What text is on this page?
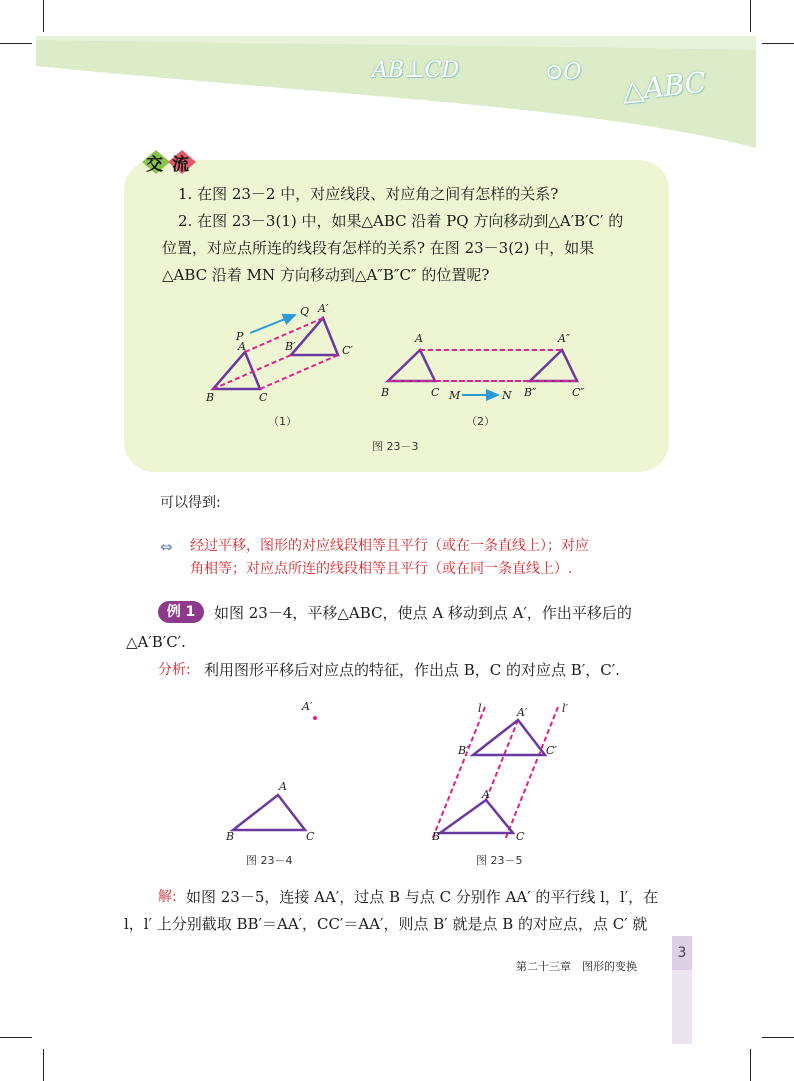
AB⊥CD	⊙O △ABC
交 流
1. 在图 23－2 中，对应线段、对应角之间有怎样的关系?
2. 在图 23－3(1) 中，如果△ABC 沿着 PQ 方向移动到△A′B′C′ 的
位置，对应点所连的线段有怎样的关系? 在图 23－3(2) 中，如果
△ABC 沿着 MN 方向移动到△A″B″C″ 的位置呢?
P
Q A′
A	B′	C′
B	C
A	A″
B	C M	N B″	C″
（1）	（2）
图 23－3
可以得到:
⇔ 经过平移，图形的对应线段相等且平行（或在一条直线上）；对应
角相等；对应点所连的线段相等且平行（或在同一条直线上）.
例 1	如图 23－4，平移△ABC，使点 A 移动到点 A′，作出平移后的
△A′B′C′.
分析: 利用图形平移后对应点的特征，作出点 B，C 的对应点 B′，C′.
A′
A
B	C
图 23－4
l	l′
A′
B′	C′
A
B	C
图 23－5
解: 如图 23－5，连接 AA′，过点 B 与点 C 分别作 AA′ 的平行线 l，l′，在
l，l′ 上分别截取 BB′＝AA′，CC′＝AA′，则点 B′ 就是点 B 的对应点，点 C′ 就
第二十三章　图形的变换
3
